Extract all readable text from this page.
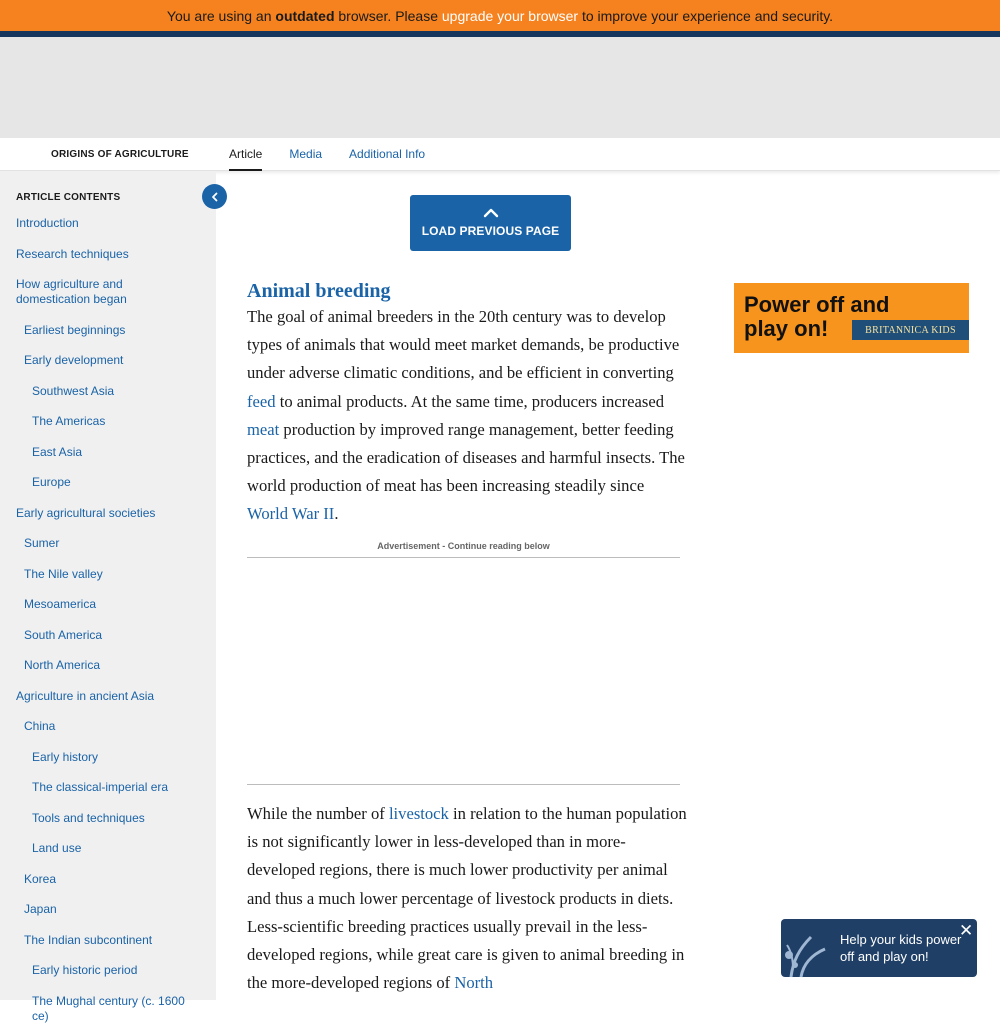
You are using an
outdated
browser. Please
upgrade your browser
to improve your experience and security.
ORIGINS OF AGRICULTURE	Article Media Additional Info
ARTICLE CONTENTS
Introduction
Research techniques
How agriculture and domestication began
Earliest beginnings
Early development
Southwest Asia
The Americas
East Asia
Europe
Early agricultural societies
Sumer
The Nile valley
Mesoamerica
South America
North America
Agriculture in ancient Asia
China
Early history
The classical-imperial era
Tools and techniques
Land use
Korea
Japan
The Indian subcontinent
Early historic period
The Mughal century (c. 1600 ce)
LOAD PREVIOUS PAGE
Animal breeding
The goal of animal breeders in the 20th century was to develop types of animals that would meet market demands, be productive under adverse climatic conditions, and be efficient in converting feed to animal products. At the same time, producers increased meat production by improved range management, better feeding practices, and the eradication of diseases and harmful insects. The world production of meat has been increasing steadily since World War II.
Advertisement - Continue reading below
While the number of livestock in relation to the human population is not significantly lower in less-developed than in more-developed regions, there is much lower productivity per animal and thus a much lower percentage of livestock products in diets. Less-scientific breeding practices usually prevail in the less-developed regions, while great care is given to animal breeding in the more-developed regions of North
Power off and
play on!	BRITANNICA KIDS
Help your kids power
off and play on!
✕
